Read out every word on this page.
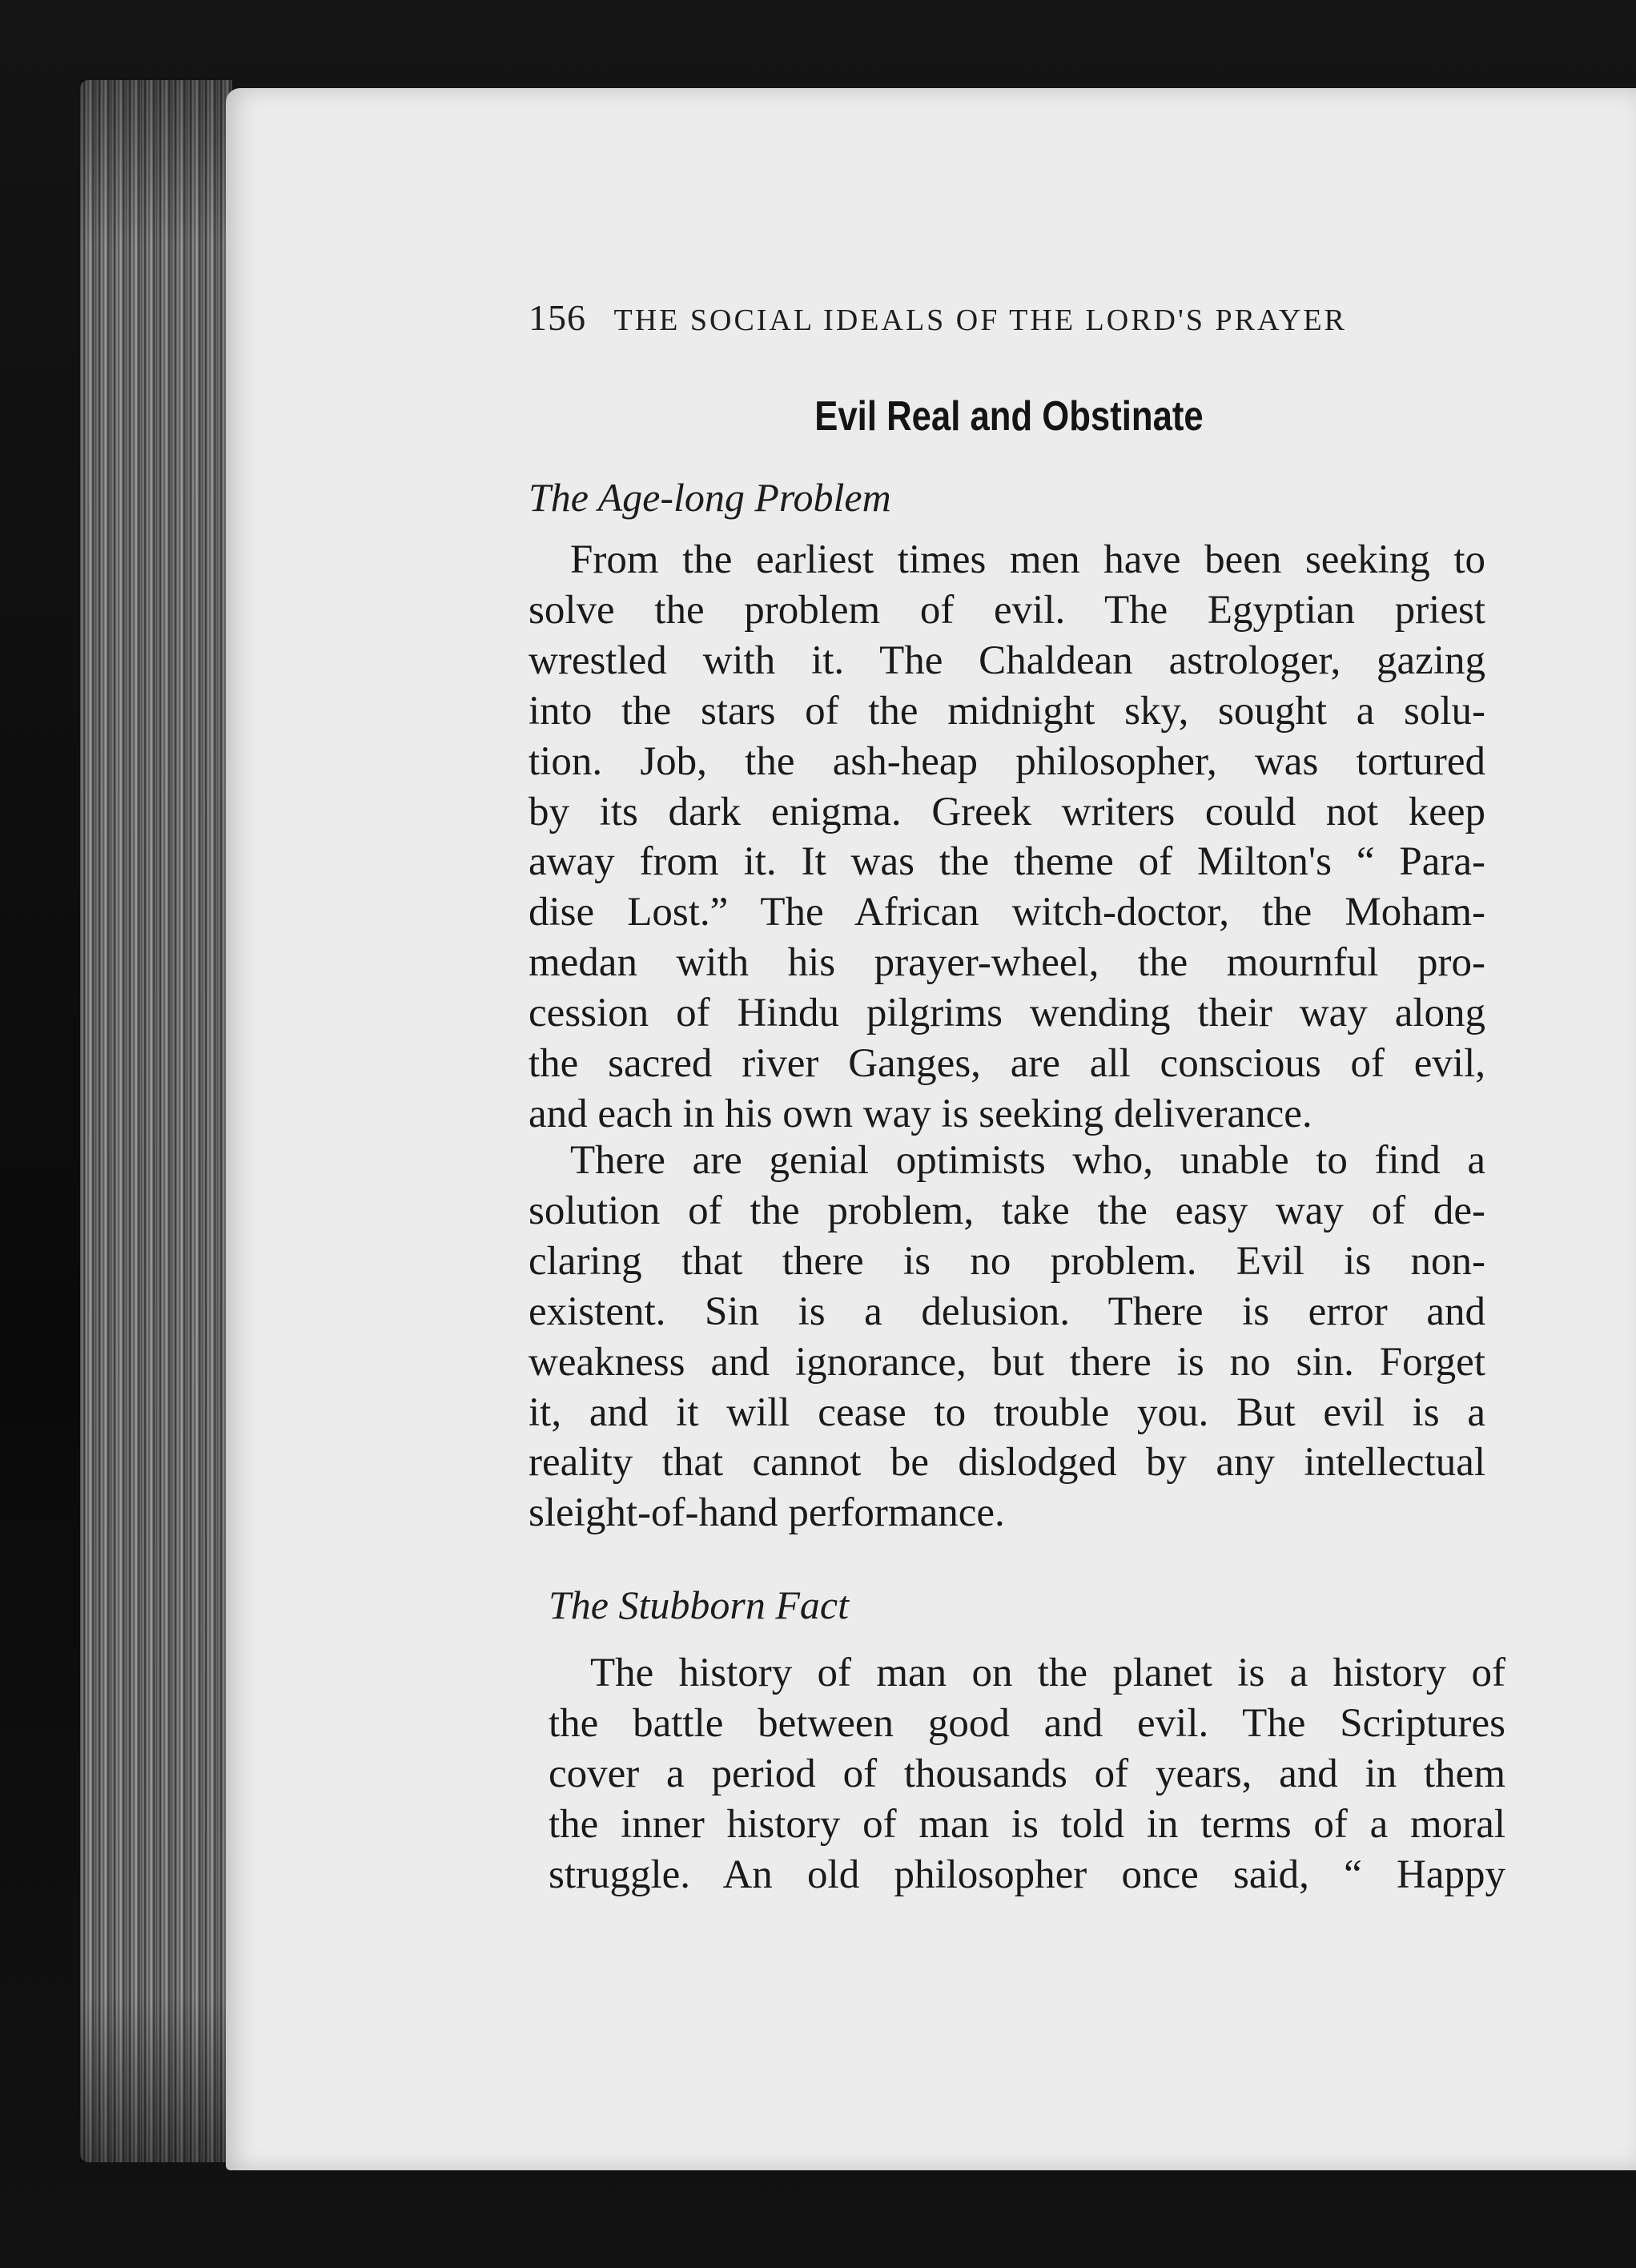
156 THE SOCIAL IDEALS OF THE LORD'S PRAYER
Evil Real and Obstinate
The Age-long Problem
From the earliest times men have been seeking to
solve the problem of evil. The Egyptian priest
wrestled with it. The Chaldean astrologer, gazing
into the stars of the midnight sky, sought a solu-
tion. Job, the ash-heap philosopher, was tortured
by its dark enigma. Greek writers could not keep
away from it. It was the theme of Milton's “ Para-
dise Lost.” The African witch-doctor, the Moham-
medan with his prayer-wheel, the mournful pro-
cession of Hindu pilgrims wending their way along
the sacred river Ganges, are all conscious of evil,
and each in his own way is seeking deliverance.
There are genial optimists who, unable to find a
solution of the problem, take the easy way of de-
claring that there is no problem. Evil is non-
existent. Sin is a delusion. There is error and
weakness and ignorance, but there is no sin. Forget
it, and it will cease to trouble you. But evil is a
reality that cannot be dislodged by any intellectual
sleight-of-hand performance.
The Stubborn Fact
The history of man on the planet is a history of
the battle between good and evil. The Scriptures
cover a period of thousands of years, and in them
the inner history of man is told in terms of a moral
struggle. An old philosopher once said, “ Happy
